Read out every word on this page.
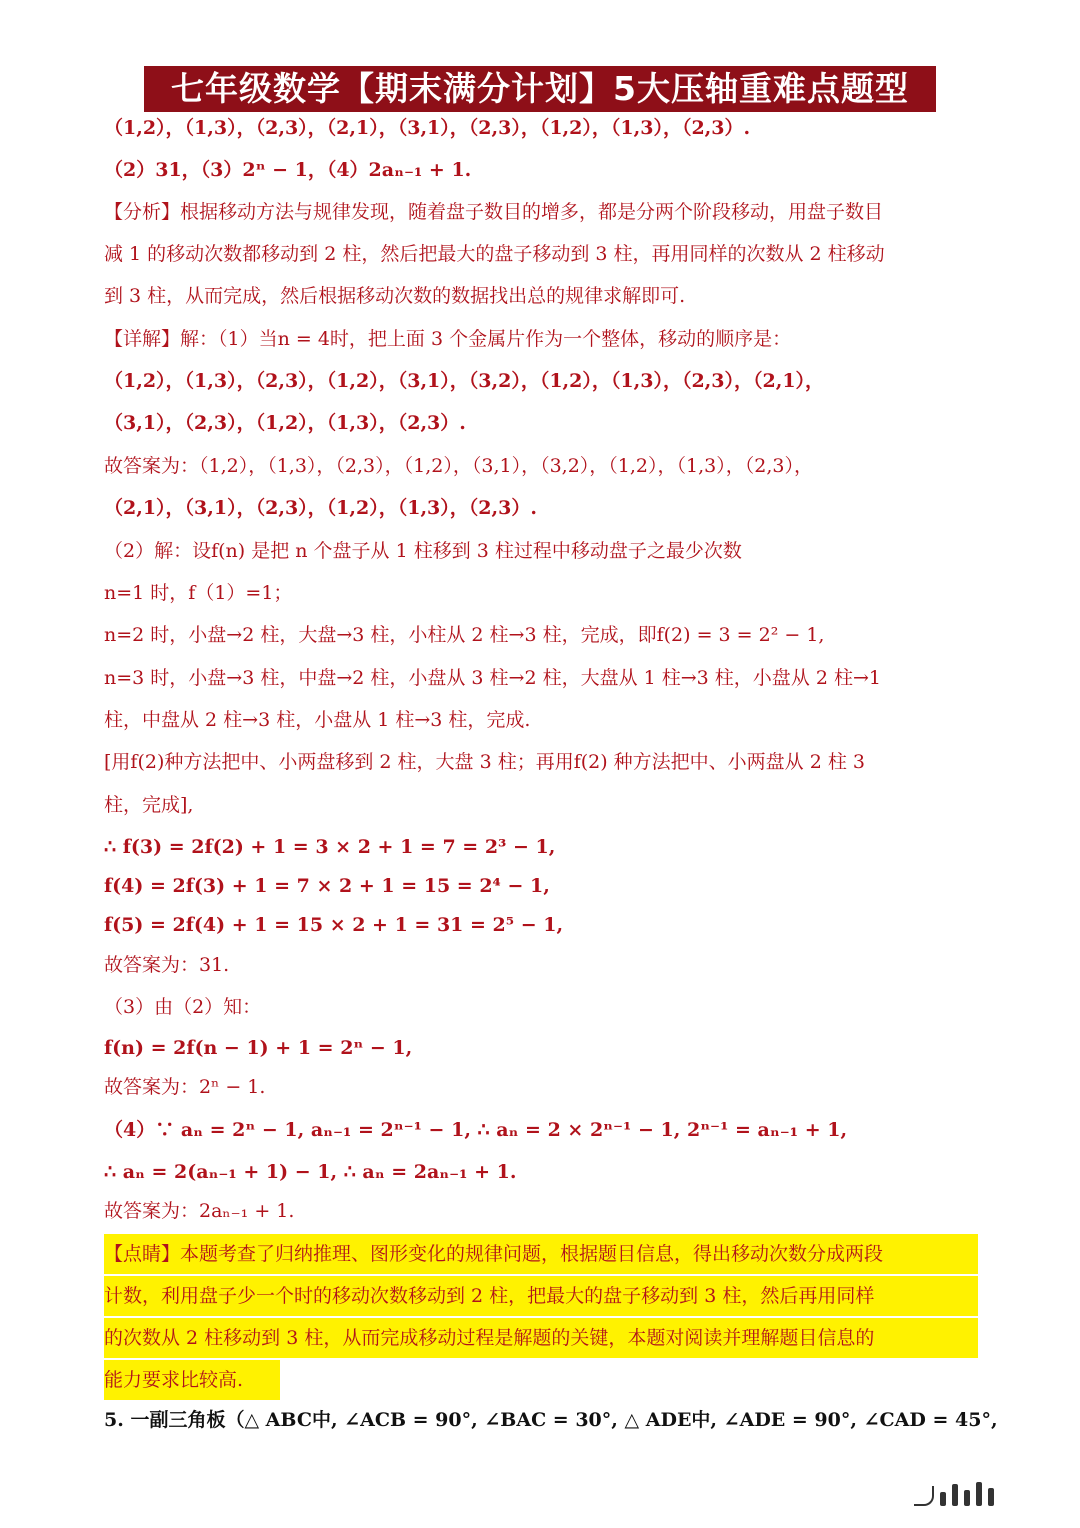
七年级数学【期末满分计划】5大压轴重难点题型
（1,2），（1,3），（2,3），（2,1），（3,1），（2,3），（1,2），（1,3），（2,3）.
（2）31，（3）2ⁿ − 1，（4）2aₙ₋₁ + 1.
【分析】根据移动方法与规律发现，随着盘子数目的增多，都是分两个阶段移动，用盘子数目
减 1 的移动次数都移动到 2 柱，然后把最大的盘子移动到 3 柱，再用同样的次数从 2 柱移动
到 3 柱，从而完成，然后根据移动次数的数据找出总的规律求解即可.
【详解】解：（1）当n = 4时，把上面 3 个金属片作为一个整体，移动的顺序是：
（1,2），（1,3），（2,3），（1,2），（3,1），（3,2），（1,2），（1,3），（2,3），（2,1），
（3,1），（2,3），（1,2），（1,3），（2,3）.
故答案为：（1,2），（1,3），（2,3），（1,2），（3,1），（3,2），（1,2），（1,3），（2,3），
（2,1），（3,1），（2,3），（1,2），（1,3），（2,3）.
（2）解：设f(n) 是把 n 个盘子从 1 柱移到 3 柱过程中移动盘子之最少次数
n=1 时，f（1）=1；
n=2 时，小盘→2 柱，大盘→3 柱，小柱从 2 柱→3 柱，完成，即f(2) = 3 = 2² − 1,
n=3 时，小盘→3 柱，中盘→2 柱，小盘从 3 柱→2 柱，大盘从 1 柱→3 柱，小盘从 2 柱→1
柱，中盘从 2 柱→3 柱，小盘从 1 柱→3 柱，完成.
[用f(2)种方法把中、小两盘移到 2 柱，大盘 3 柱；再用f(2) 种方法把中、小两盘从 2 柱 3
柱，完成],
∴ f(3) = 2f(2) + 1 = 3 × 2 + 1 = 7 = 2³ − 1,
f(4) = 2f(3) + 1 = 7 × 2 + 1 = 15 = 2⁴ − 1,
f(5) = 2f(4) + 1 = 15 × 2 + 1 = 31 = 2⁵ − 1,
故答案为：31.
（3）由（2）知：
f(n) = 2f(n − 1) + 1 = 2ⁿ − 1,
故答案为：2ⁿ − 1.
（4）∵ aₙ = 2ⁿ − 1, aₙ₋₁ = 2ⁿ⁻¹ − 1, ∴ aₙ = 2 × 2ⁿ⁻¹ − 1, 2ⁿ⁻¹ = aₙ₋₁ + 1,
∴ aₙ = 2(aₙ₋₁ + 1) − 1, ∴ aₙ = 2aₙ₋₁ + 1.
故答案为：2aₙ₋₁ + 1.
【点睛】本题考查了归纳推理、图形变化的规律问题，根据题目信息，得出移动次数分成两段
计数，利用盘子少一个时的移动次数移动到 2 柱，把最大的盘子移动到 3 柱，然后再用同样
的次数从 2 柱移动到 3 柱，从而完成移动过程是解题的关键，本题对阅读并理解题目信息的
能力要求比较高.
5. 一副三角板（△ ABC中, ∠ACB = 90°, ∠BAC = 30°, △ ADE中, ∠ADE = 90°, ∠CAD = 45°,
